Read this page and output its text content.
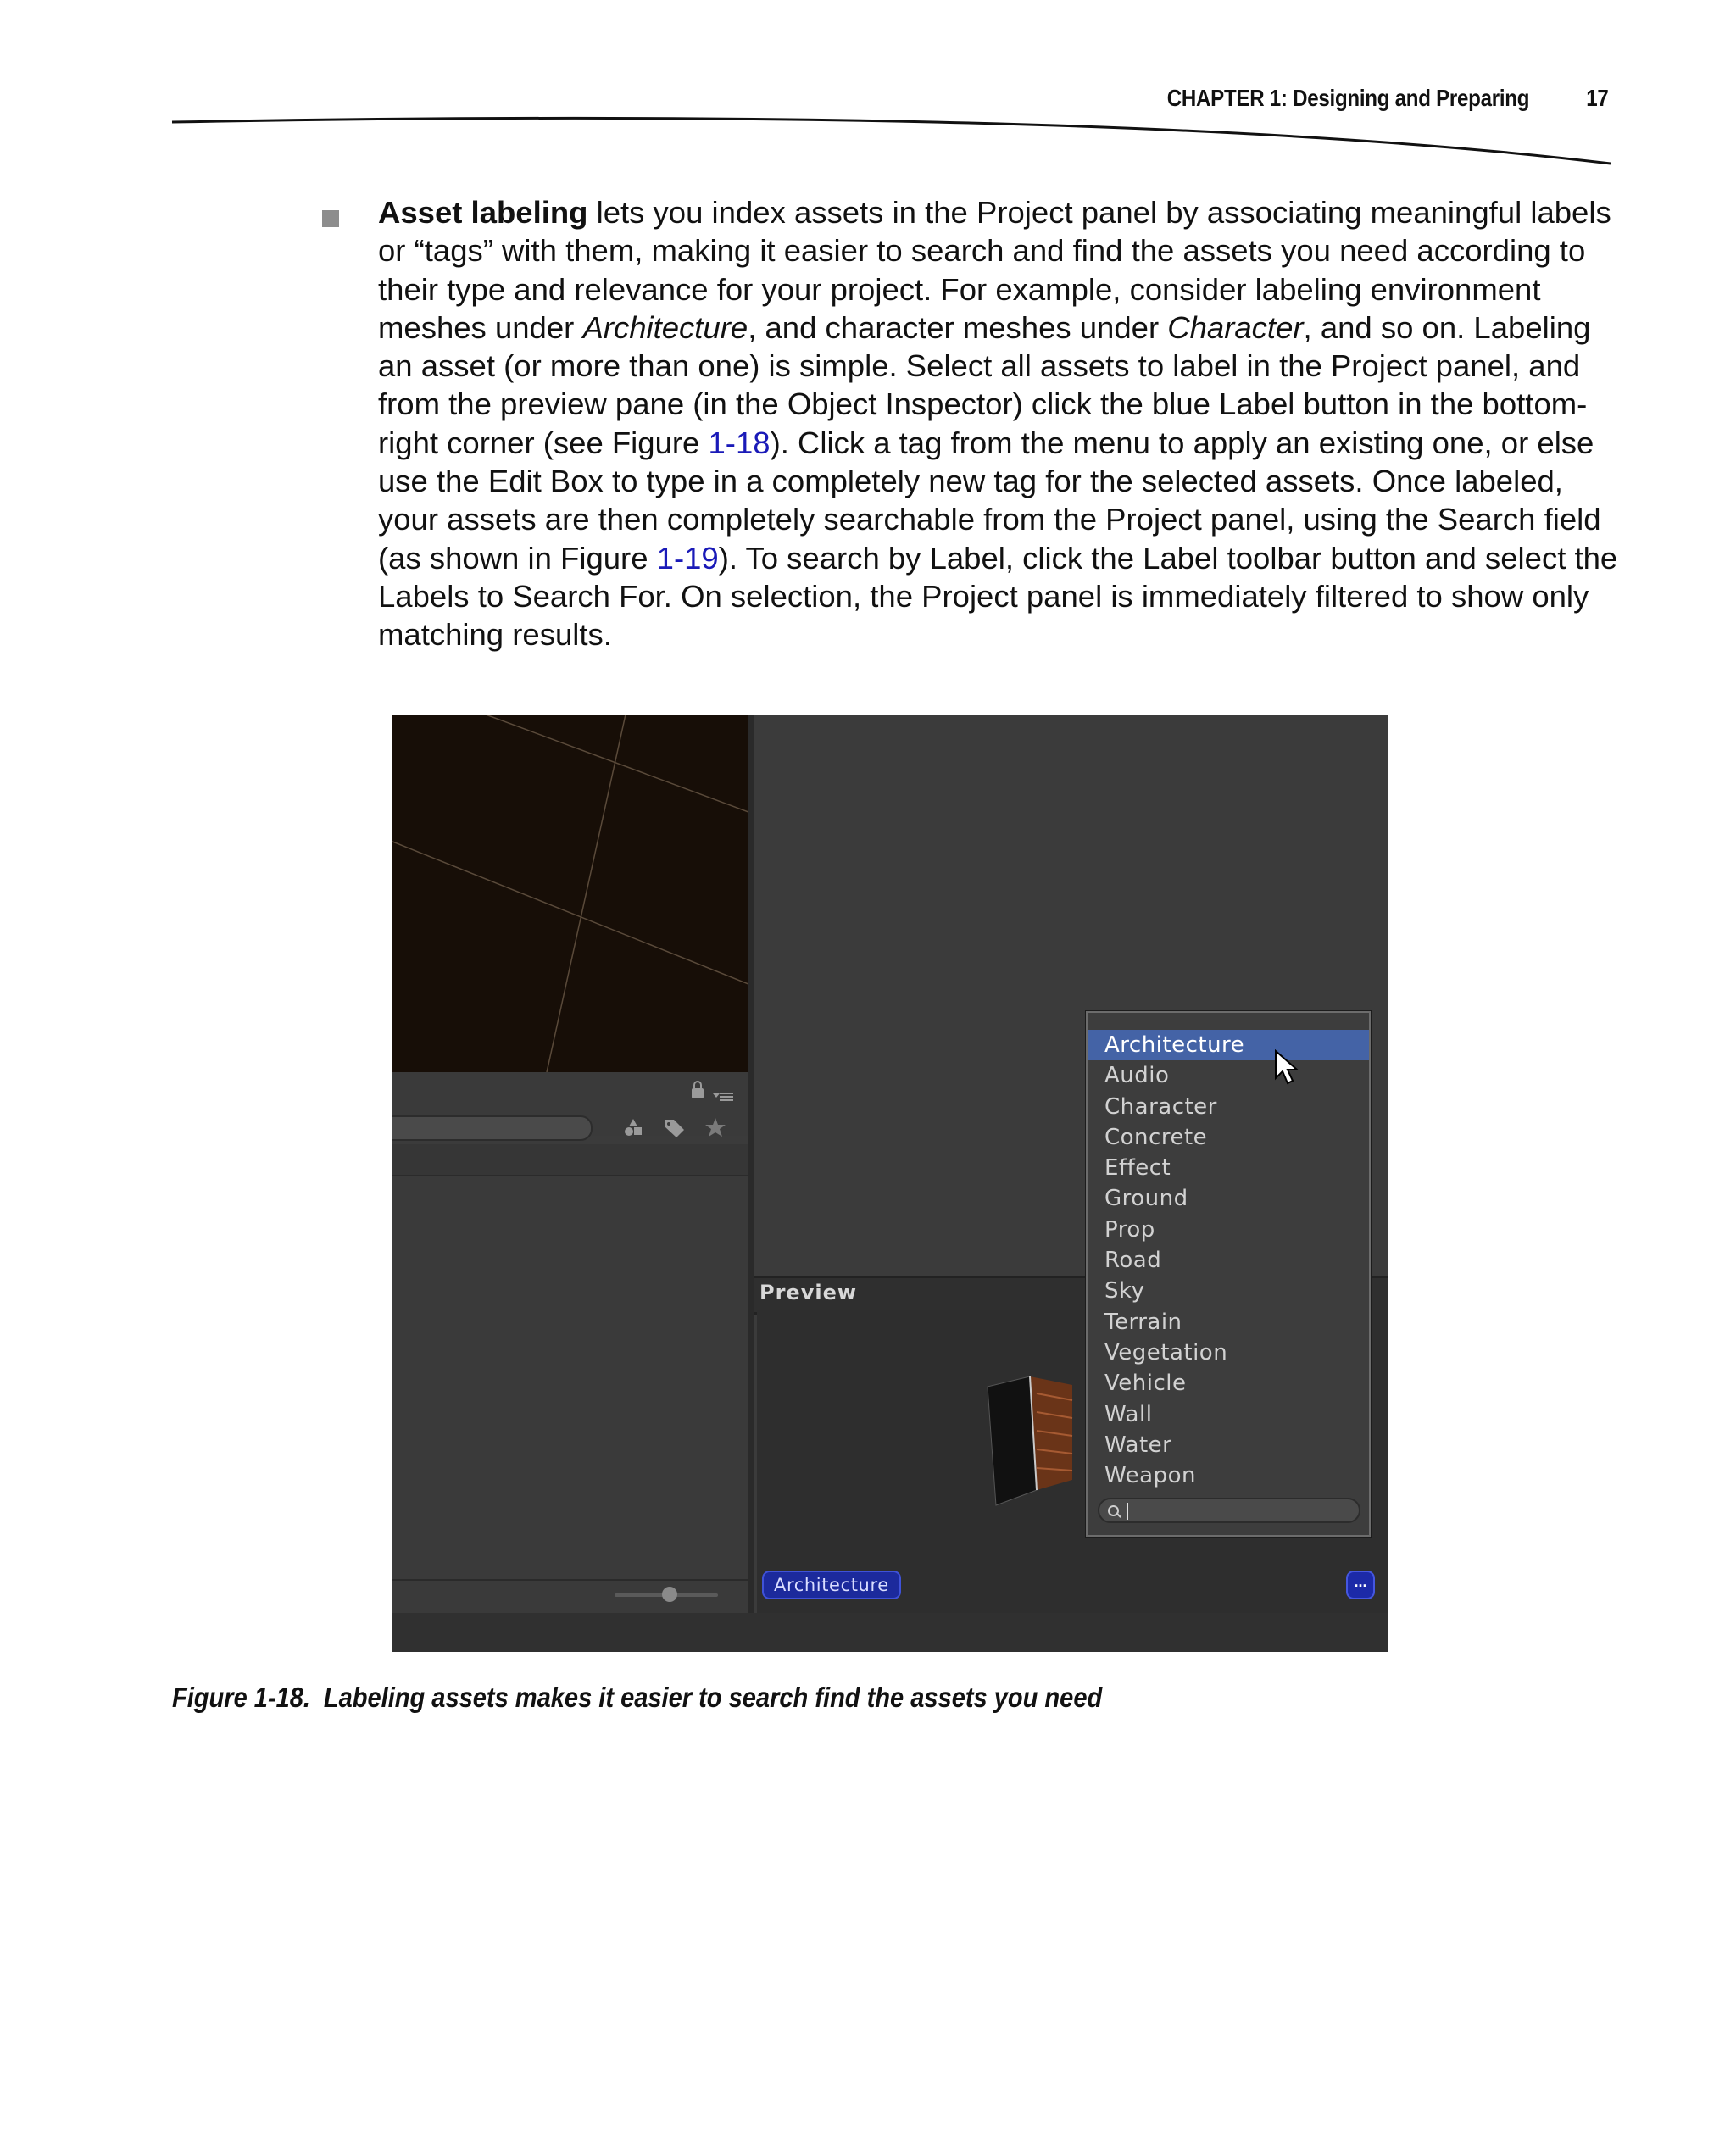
CHAPTER 1: Designing and Preparing 17

Asset labeling lets you index assets in the Project panel by associating meaningful labels or “tags” with them, making it easier to search and find the assets you need according to their type and relevance for your project. For example, consider labeling environment meshes under Architecture, and character meshes under Character, and so on. Labeling an asset (or more than one) is simple. Select all assets to label in the Project panel, and from the preview pane (in the Object Inspector) click the blue Label button in the bottom-right corner (see Figure 1-18). Click a tag from the menu to apply an existing one, or else use the Edit Box to type in a completely new tag for the selected assets. Once labeled, your assets are then completely searchable from the Project panel, using the Search field (as shown in Figure 1-19). To search by Label, click the Label toolbar button and select the Labels to Search For. On selection, the Project panel is immediately filtered to show only matching results.

Preview
Architecture	...
Architecture
Audio
Character
Concrete
Effect
Ground
Prop
Road
Sky
Terrain
Vegetation
Vehicle
Wall
Water
Weapon
Figure 1-18. Labeling assets makes it easier to search find the assets you need
